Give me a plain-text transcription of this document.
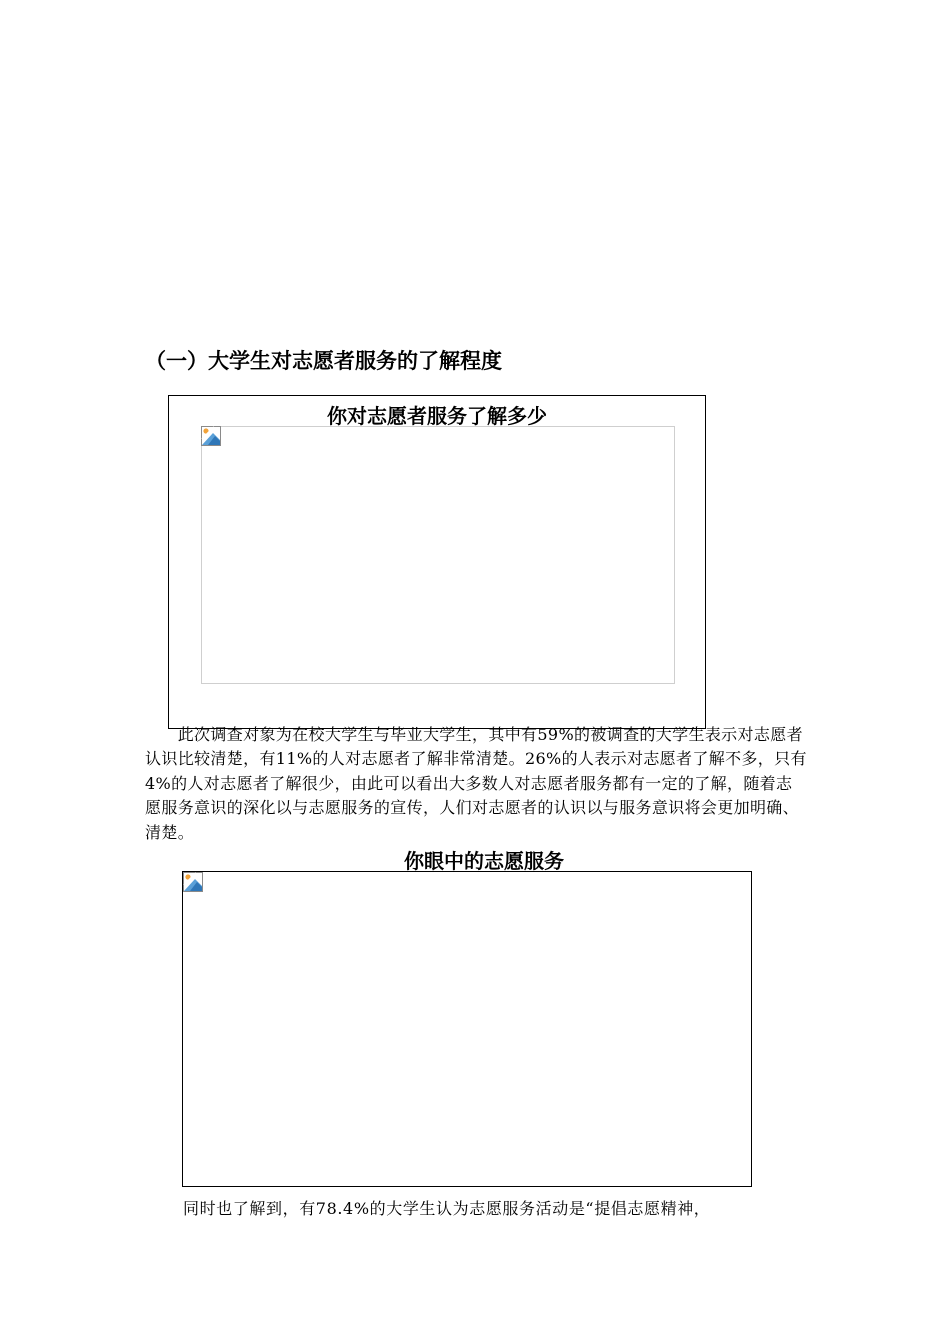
（一）大学生对志愿者服务的了解程度
你对志愿者服务了解多少
　　此次调查对象为在校大学生与毕业大学生，其中有59%的被调查的大学生表示对志愿者认识比较清楚，有11%的人对志愿者了解非常清楚。26%的人表示对志愿者了解不多，只有4%的人对志愿者了解很少，由此可以看出大多数人对志愿者服务都有一定的了解，随着志愿服务意识的深化以与志愿服务的宣传，人们对志愿者的认识以与服务意识将会更加明确、清楚。
你眼中的志愿服务
同时也了解到，有78.4%的大学生认为志愿服务活动是“提倡志愿精神，
